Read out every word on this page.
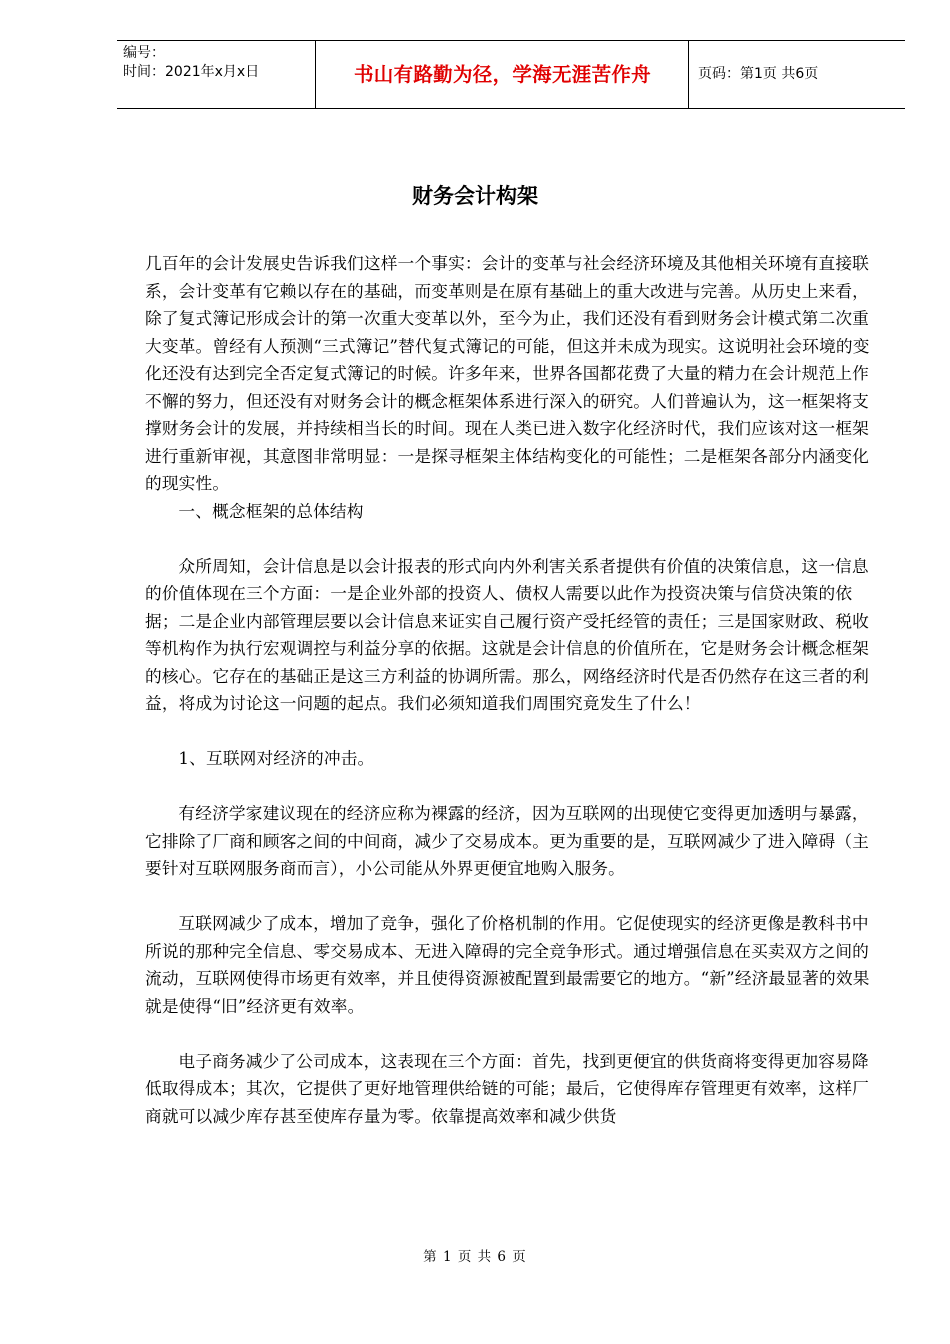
编号：
时间：2021年x月x日	书山有路勤为径，学海无涯苦作舟	页码：第1页 共6页
财务会计构架

几百年的会计发展史告诉我们这样一个事实：会计的变革与社会经济环境及其他相关环境有直接联系，会计变革有它赖以存在的基础，而变革则是在原有基础上的重大改进与完善。从历史上来看，除了复式簿记形成会计的第一次重大变革以外，至今为止，我们还没有看到财务会计模式第二次重大变革。曾经有人预测“三式簿记”替代复式簿记的可能，但这并未成为现实。这说明社会环境的变化还没有达到完全否定复式簿记的时候。许多年来，世界各国都花费了大量的精力在会计规范上作不懈的努力，但还没有对财务会计的概念框架体系进行深入的研究。人们普遍认为，这一框架将支撑财务会计的发展，并持续相当长的时间。现在人类已进入数字化经济时代，我们应该对这一框架进行重新审视，其意图非常明显：一是探寻框架主体结构变化的可能性；二是框架各部分内涵变化的现实性。

一、概念框架的总体结构

众所周知，会计信息是以会计报表的形式向内外利害关系者提供有价值的决策信息，这一信息的价值体现在三个方面：一是企业外部的投资人、债权人需要以此作为投资决策与信贷决策的依据；二是企业内部管理层要以会计信息来证实自己履行资产受托经管的责任；三是国家财政、税收等机构作为执行宏观调控与利益分享的依据。这就是会计信息的价值所在，它是财务会计概念框架的核心。它存在的基础正是这三方利益的协调所需。那么，网络经济时代是否仍然存在这三者的利益，将成为讨论这一问题的起点。我们必须知道我们周围究竟发生了什么！

1、互联网对经济的冲击。

有经济学家建议现在的经济应称为裸露的经济，因为互联网的出现使它变得更加透明与暴露，它排除了厂商和顾客之间的中间商，减少了交易成本。更为重要的是，互联网减少了进入障碍（主要针对互联网服务商而言），小公司能从外界更便宜地购入服务。

互联网减少了成本，增加了竞争，强化了价格机制的作用。它促使现实的经济更像是教科书中所说的那种完全信息、零交易成本、无进入障碍的完全竞争形式。通过增强信息在买卖双方之间的流动，互联网使得市场更有效率，并且使得资源被配置到最需要它的地方。“新”经济最显著的效果就是使得“旧”经济更有效率。

电子商务减少了公司成本，这表现在三个方面：首先，找到更便宜的供货商将变得更加容易降低取得成本；其次，它提供了更好地管理供给链的可能；最后，它使得库存管理更有效率，这样厂商就可以减少库存甚至使库存量为零。依靠提高效率和减少供货

第 1 页 共 6 页
